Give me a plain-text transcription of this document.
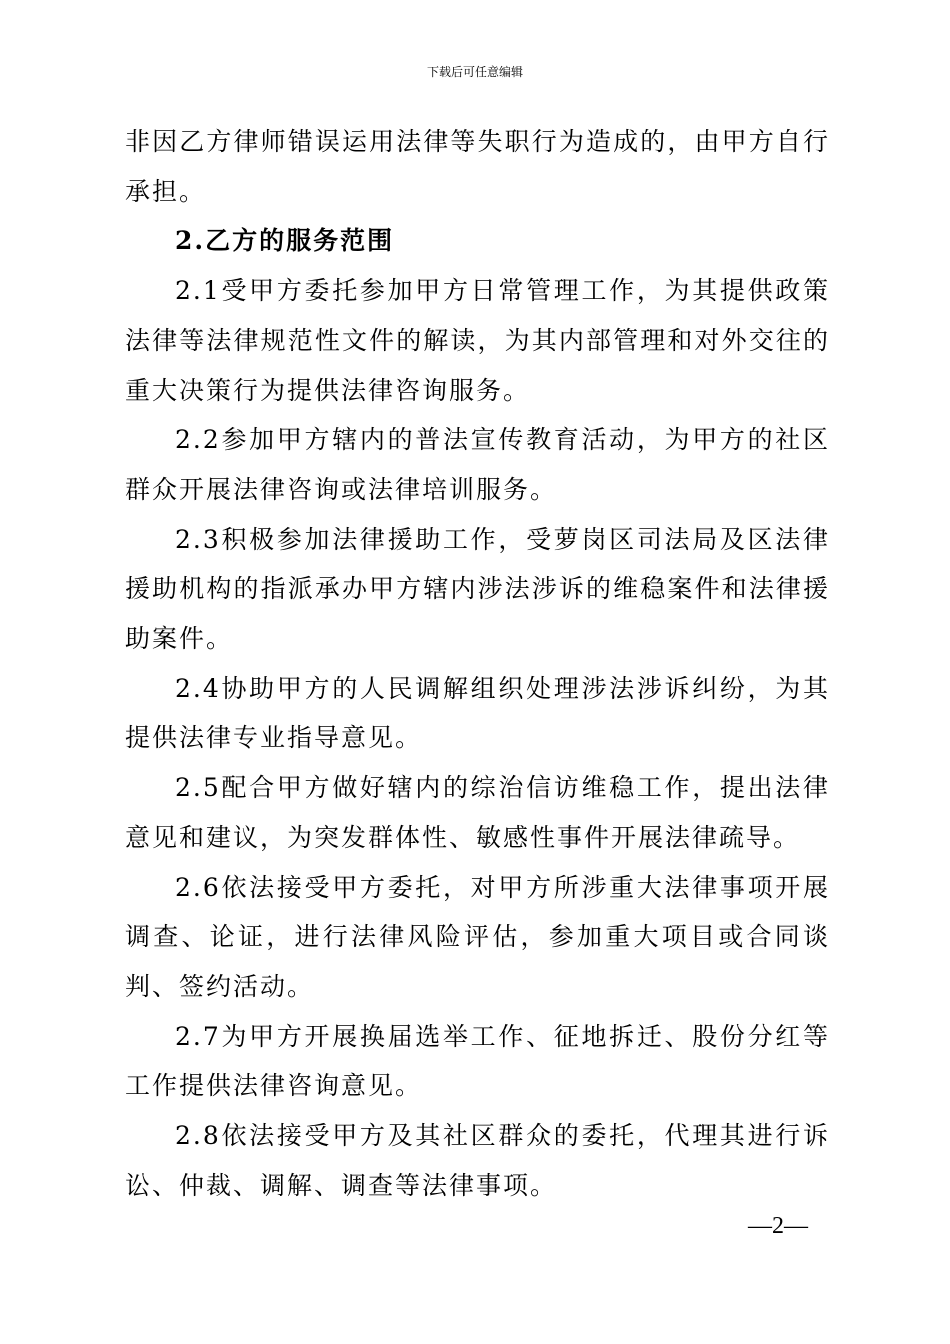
下载后可任意编辑

非因乙方律师错误运用法律等失职行为造成的，由甲方自行承担。

2.乙方的服务范围

2.1受甲方委托参加甲方日常管理工作，为其提供政策法律等法律规范性文件的解读，为其内部管理和对外交往的重大决策行为提供法律咨询服务。

2.2参加甲方辖内的普法宣传教育活动，为甲方的社区群众开展法律咨询或法律培训服务。

2.3积极参加法律援助工作，受萝岗区司法局及区法律援助机构的指派承办甲方辖内涉法涉诉的维稳案件和法律援助案件。

2.4协助甲方的人民调解组织处理涉法涉诉纠纷，为其提供法律专业指导意见。

2.5配合甲方做好辖内的综治信访维稳工作，提出法律意见和建议，为突发群体性、敏感性事件开展法律疏导。

2.6依法接受甲方委托，对甲方所涉重大法律事项开展调查、论证，进行法律风险评估，参加重大项目或合同谈判、签约活动。

2.7为甲方开展换届选举工作、征地拆迁、股份分红等工作提供法律咨询意见。

2.8依法接受甲方及其社区群众的委托，代理其进行诉讼、仲裁、调解、调查等法律事项。

—2—
